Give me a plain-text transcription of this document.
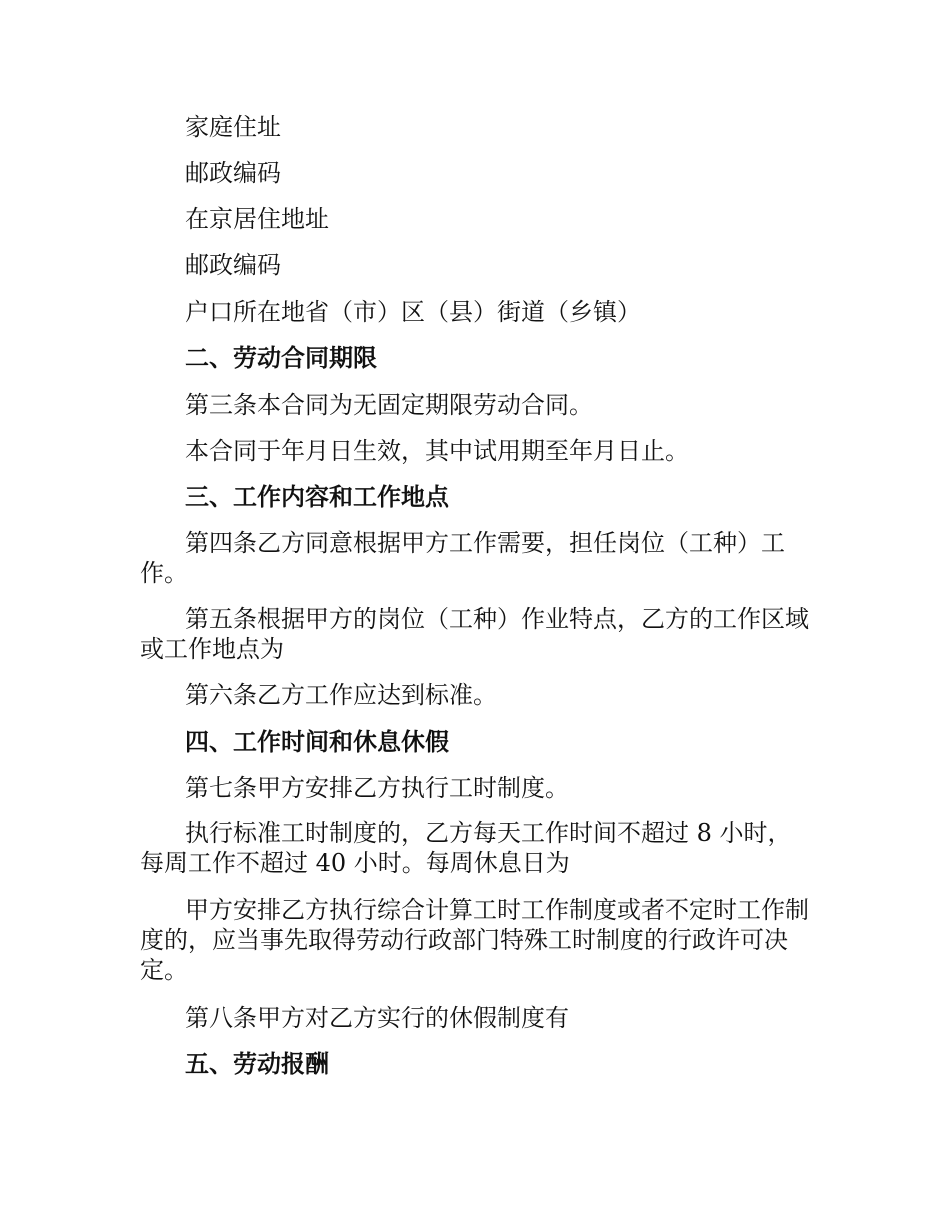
家庭住址

邮政编码

在京居住地址

邮政编码

户口所在地省（市）区（县）街道（乡镇）

二、劳动合同期限

第三条本合同为无固定期限劳动合同。

本合同于年月日生效，其中试用期至年月日止。

三、工作内容和工作地点

第四条乙方同意根据甲方工作需要，担任岗位（工种）工作。

第五条根据甲方的岗位（工种）作业特点，乙方的工作区域或工作地点为

第六条乙方工作应达到标准。

四、工作时间和休息休假

第七条甲方安排乙方执行工时制度。

执行标准工时制度的，乙方每天工作时间不超过 8 小时，每周工作不超过 40 小时。每周休息日为

甲方安排乙方执行综合计算工时工作制度或者不定时工作制度的，应当事先取得劳动行政部门特殊工时制度的行政许可决定。

第八条甲方对乙方实行的休假制度有

五、劳动报酬
